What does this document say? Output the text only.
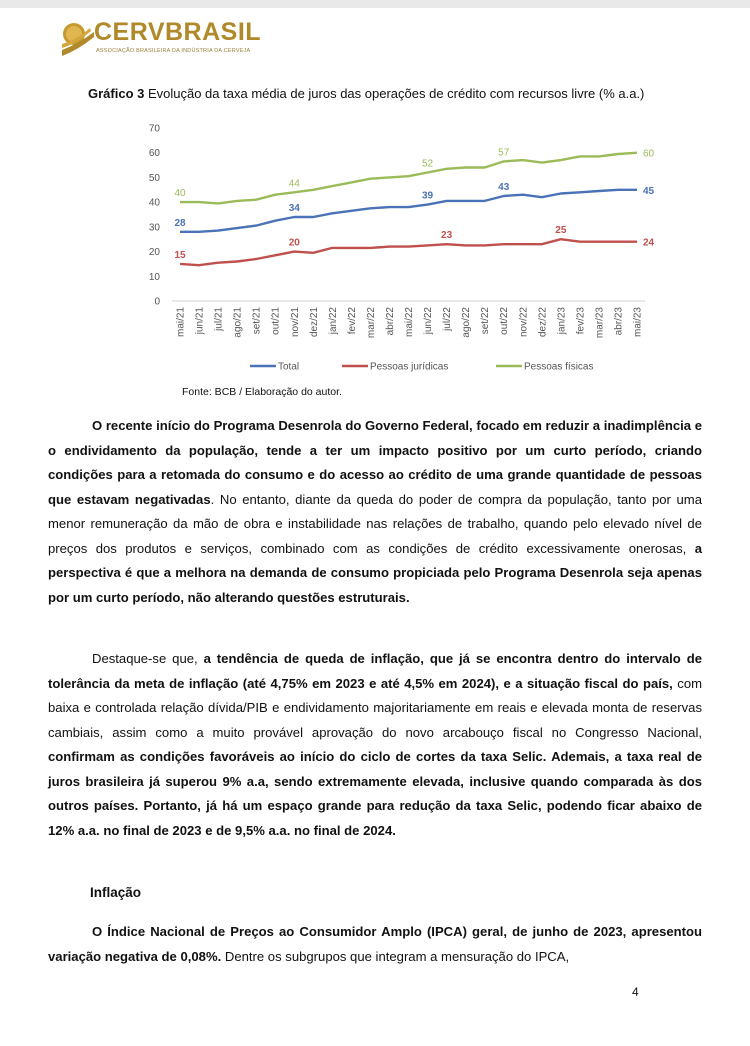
CERVBRASIL
ASSOCIAÇÃO BRASILEIRA DA INDÚSTRIA DA CERVEJA
Gráfico 3 Evolução da taxa média de juros das operações de crédito com recursos livre (% a.a.)
0
10
20
30
40
50
60
70
mai/21 jun/21 jul/21 ago/21 set/21 out/21 nov/21 dez/21 jan/22 fev/22 mar/22 abr/22 mai/22 jun/22 jul/22 ago/22 set/22 out/22 nov/22 dez/22 jan/23 fev/23 mar/23 abr/23 mai/23
28
34
39
43	45
15
20
23	25
24
40
44
52
57	60
Total	Pessoas jurídicas	Pessoas físicas
Fonte: BCB / Elaboração do autor.
O recente início do Programa Desenrola do Governo Federal, focado em reduzir a inadimplência e o endividamento da população, tende a ter um impacto positivo por um curto período, criando condições para a retomada do consumo e do acesso ao crédito de uma grande quantidade de pessoas que estavam negativadas. No entanto, diante da queda do poder de compra da população, tanto por uma menor remuneração da mão de obra e instabilidade nas relações de trabalho, quando pelo elevado nível de preços dos produtos e serviços, combinado com as condições de crédito excessivamente onerosas, a perspectiva é que a melhora na demanda de consumo propiciada pelo Programa Desenrola seja apenas por um curto período, não alterando questões estruturais.
Destaque-se que, a tendência de queda de inflação, que já se encontra dentro do intervalo de tolerância da meta de inflação (até 4,75% em 2023 e até 4,5% em 2024), e a situação fiscal do país, com baixa e controlada relação dívida/PIB e endividamento majoritariamente em reais e elevada monta de reservas cambiais, assim como a muito provável aprovação do novo arcabouço fiscal no Congresso Nacional, confirmam as condições favoráveis ao início do ciclo de cortes da taxa Selic. Ademais, a taxa real de juros brasileira já superou 9% a.a, sendo extremamente elevada, inclusive quando comparada às dos outros países. Portanto, já há um espaço grande para redução da taxa Selic, podendo ficar abaixo de 12% a.a. no final de 2023 e de 9,5% a.a. no final de 2024.
Inflação
O Índice Nacional de Preços ao Consumidor Amplo (IPCA) geral, de junho de 2023, apresentou variação negativa de 0,08%. Dentre os subgrupos que integram a mensuração do IPCA,
4
